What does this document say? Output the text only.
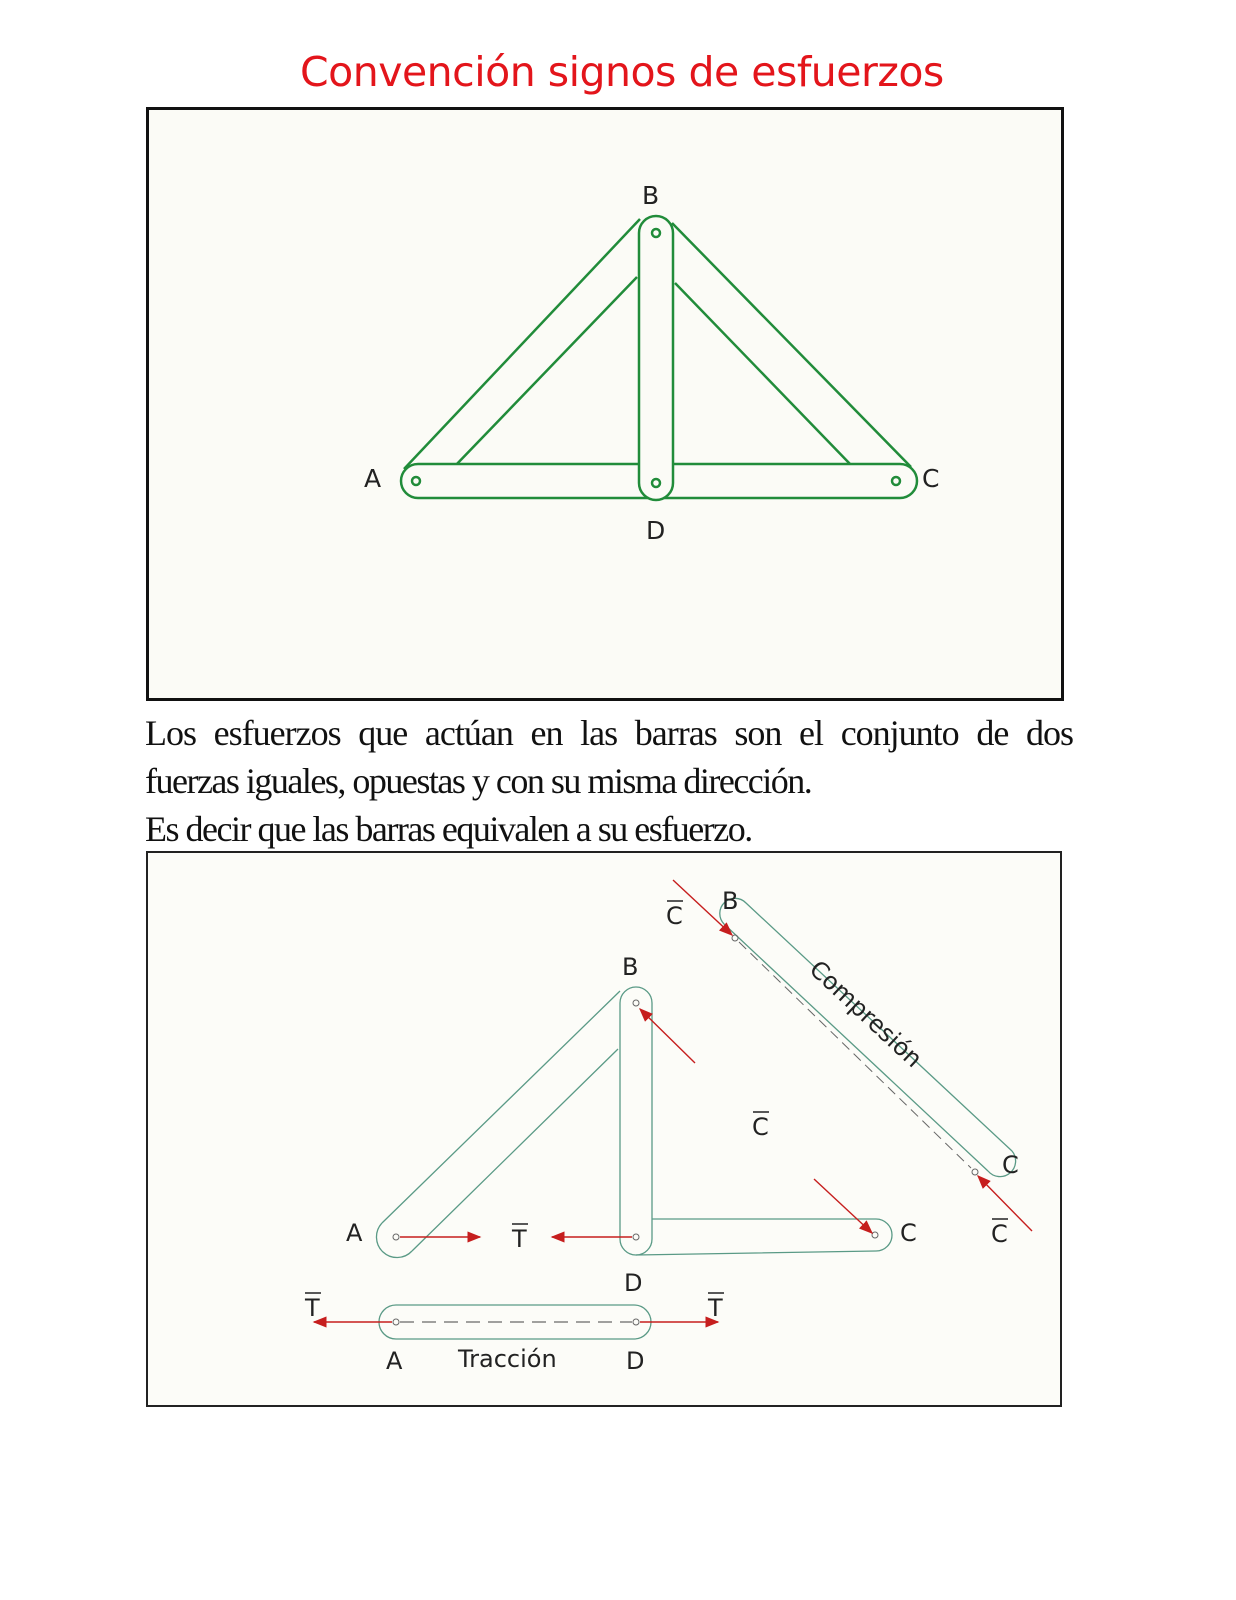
Convención signos de esfuerzos
B
A	C
D

Los esfuerzos que actúan en las barras son el conjunto de dos
fuerzas iguales, opuestas y con su misma dirección.
Es decir que las barras equivalen a su esfuerzo.

B
A	C
D
B
C
A	D
Tracción
Compresión
C
C
C
T
T	T
